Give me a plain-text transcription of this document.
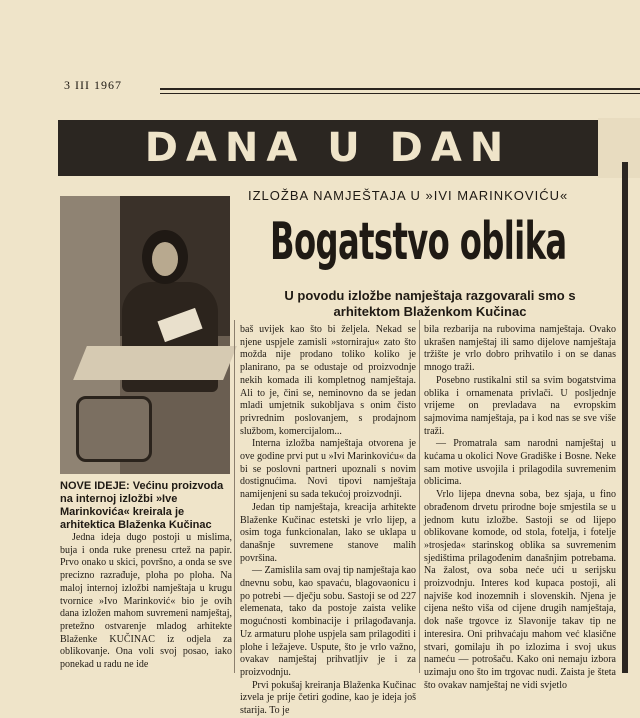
3 III 1967
DANA U DAN
IZLOŽBA NAMJEŠTAJA U »IVI MARINKOVIĆU«
Bogatstvo oblika
U povodu izložbe namještaja razgovarali smo s arhitektom Blaženkom Kučinac
NOVE IDEJE: Većinu proizvoda na internoj izložbi »Ive Marinkovića« kreirala je arhitektica Blaženka Kučinac

Jedna ideja dugo postoji u mislima, buja i onda ruke prenesu crtež na papir. Prvo onako u skici, površno, a onda se sve precizno razrađuje, ploha po ploha. Na maloj internoj izložbi namještaja u krugu tvornice »Ivo Marinković« bio je ovih dana izložen mahom suvremeni namještaj, pretežno ostvarenje mladog arhitekte Blaženke KUČINAC iz odjela za oblikovanje. Ona voli svoj posao, iako ponekad u radu ne ide

baš uvijek kao što bi željela. Nekad se njene uspjele zamisli »storniraju« zato što možda nije prodano toliko koliko je planirano, pa se odustaje od proizvodnje nekih komada ili kompletnog namještaja. Ali to je, čini se, neminovno da se jedan mladi umjetnik sukobljava s onim čisto privrednim poslovanjem, s prodajnom službom, komercijalom...

Interna izložba namještaja otvorena je ove godine prvi put u »Ivi Marinkoviću« da bi se poslovni partneri upoznali s novim dostignućima. Novi tipovi namještaja namijenjeni su sada tekućoj proizvodnji.

Jedan tip namještaja, kreacija arhitekte Blaženke Kučinac estetski je vrlo lijep, a osim toga funkcionalan, lako se uklapa u današnje suvremene stanove malih površina.

— Zamislila sam ovaj tip namještaja kao dnevnu sobu, kao spavaću, blagovaonicu i po potrebi — dječju sobu. Sastoji se od 227 elemenata, tako da postoje zaista velike mogućnosti kombinacije i prilagođavanja. Uz armaturu plohe uspjela sam prilagoditi i plohe i ležajeve. Uspute, što je vrlo važno, ovakav namještaj prihvatljiv je i za proizvodnju.

Prvi pokušaj kreiranja Blaženka Kučinac izvela je prije četiri godine, kao je ideja još starija. To je

bila rezbarija na rubovima namještaja. Ovako ukrašen namještaj ili samo dijelove namještaja tržište je vrlo dobro prihvatilo i on se danas mnogo traži.

Posebno rustikalni stil sa svim bogatstvima oblika i ornamenata privlači. U posljednje vrijeme on prevladava na evropskim sajmovima namještaja, pa i kod nas se sve više traži.

— Promatrala sam narodni namještaj u kućama u okolici Nove Gradiške i Bosne. Neke sam motive usvojila i prilagodila suvremenim oblicima.

Vrlo lijepa dnevna soba, bez sjaja, u fino obrađenom drvetu prirodne boje smjestila se u jednom kutu izložbe. Sastoji se od lijepo oblikovane komode, od stola, fotelja, i fotelje »trosjeda« starinskog oblika sa suvremenim sjedištima prilagođenim današnjim potrebama. Na žalost, ova soba neće ući u serijsku proizvodnju. Interes kod kupaca postoji, ali najviše kod inozemnih i slovenskih. Njena je cijena nešto viša od cijene drugih namještaja, dok naše trgovce iz Slavonije takav tip ne interesira. Oni prihvaćaju mahom već klasične stvari, gomilaju ih po izlozima i svoj ukus nameću — potrošaču. Kako oni nemaju izbora uzimaju ono što im trgovac nudi. Zaista je šteta što ovakav namještaj ne vidi svjetlo
